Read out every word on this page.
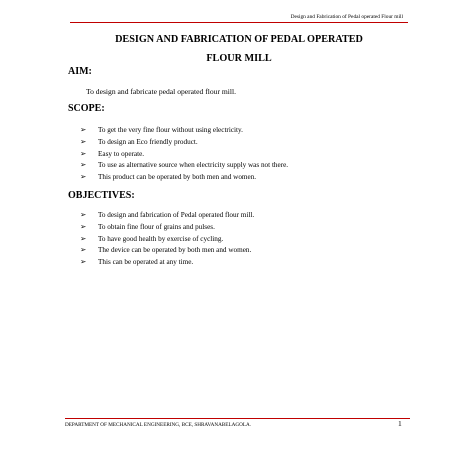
Design and Fabrication of Pedal operated Flour mill
DESIGN AND FABRICATION OF PEDAL OPERATED
FLOUR MILL
AIM:
To design and fabricate pedal operated flour mill.
SCOPE:
➢ To get the very fine flour without using electricity.
➢ To design an Eco friendly product.
➢ Easy to operate.
➢ To use as alternative source when electricity supply was not there.
➢ This product can be operated by both men and women.
OBJECTIVES:
➢ To design and fabrication of Pedal operated flour mill.
➢ To obtain fine flour of grains and pulses.
➢ To have good health by exercise of cycling.
➢ The device can be operated by both men and women.
➢ This can be operated at any time.
DEPARTMENT OF MECHANICAL ENGINEERING, BCE, SHRAVANABELAGOLA.	1
